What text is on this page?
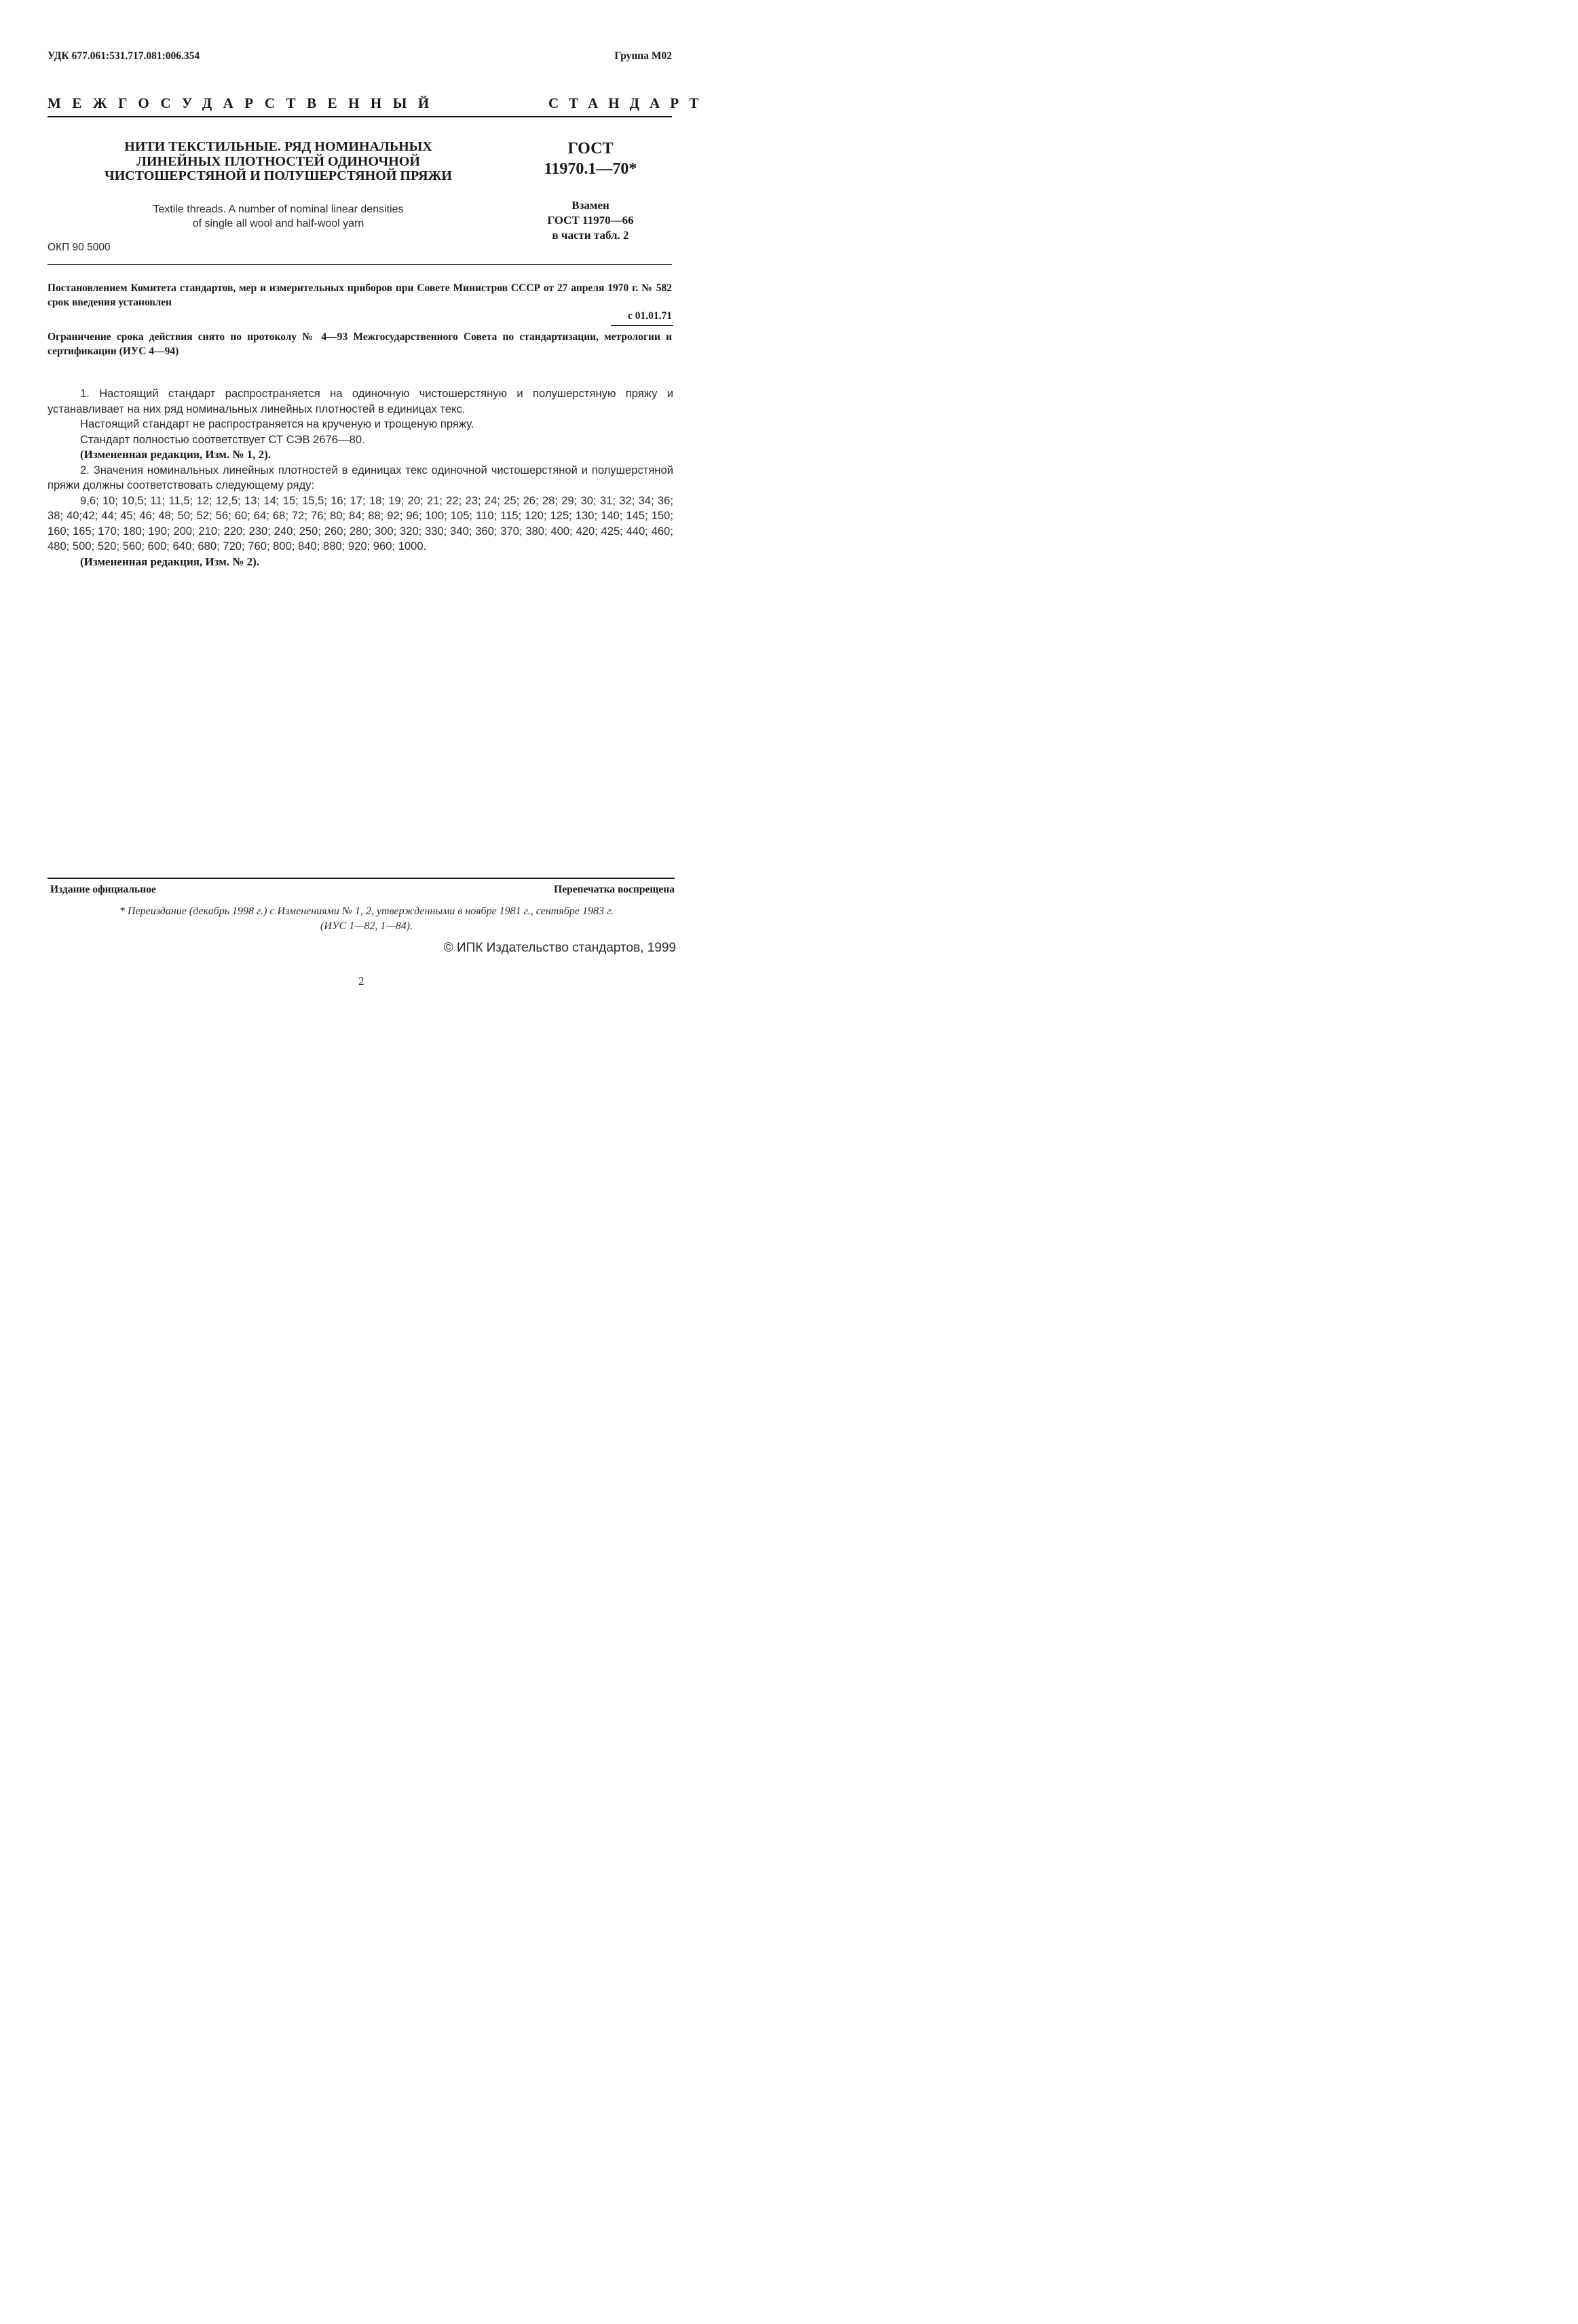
УДК 677.061:531.717.081:006.354	Группа М02
МЕЖГОСУДАРСТВЕННЫЙ	СТАНДАРТ
НИТИ ТЕКСТИЛЬНЫЕ. РЯД НОМИНАЛЬНЫХ
ЛИНЕЙНЫХ ПЛОТНОСТЕЙ ОДИНОЧНОЙ
ЧИСТОШЕРСТЯНОЙ И ПОЛУШЕРСТЯНОЙ ПРЯЖИ
Textile threads. A number of nominal linear densities
of single all wool and half-wool yarn
ОКП 90 5000
ГОСТ
11970.1—70*
Взамен
ГОСТ 11970—66
в части табл. 2
Постановлением Комитета стандартов, мер и измерительных приборов при Совете Министров СССР от 27 апреля 1970 г. № 582 срок введения установлен
с 01.01.71
Ограничение срока действия снято по протоколу № 4—93 Межгосударственного Совета по стандартизации, метрологии и сертификации (ИУС 4—94)

1. Настоящий стандарт распространяется на одиночную чистошерстяную и полушерстяную пряжу и устанавливает на них ряд номинальных линейных плотностей в единицах текс.

Настоящий стандарт не распространяется на крученую и трощеную пряжу.

Стандарт полностью соответствует СТ СЭВ 2676—80.

(Измененная редакция, Изм. № 1, 2).

2. Значения номинальных линейных плотностей в единицах текс одиночной чистошерстяной и полушерстяной пряжи должны соответствовать следующему ряду:

9,6; 10; 10,5; 11; 11,5; 12; 12,5; 13; 14; 15; 15,5; 16; 17; 18; 19; 20; 21; 22; 23; 24; 25; 26; 28; 29; 30; 31; 32; 34; 36; 38; 40;42; 44; 45; 46; 48; 50; 52; 56; 60; 64; 68; 72; 76; 80; 84; 88; 92; 96; 100; 105; 110; 115; 120; 125; 130; 140; 145; 150; 160; 165; 170; 180; 190; 200; 210; 220; 230; 240; 250; 260; 280; 300; 320; 330; 340; 360; 370; 380; 400; 420; 425; 440; 460; 480; 500; 520; 560; 600; 640; 680; 720; 760; 800; 840; 880; 920; 960; 1000.

(Измененная редакция, Изм. № 2).

Издание официальное	Перепечатка воспрещена
* Переиздание (декабрь 1998 г.) с Изменениями № 1, 2, утвержденными в ноябре 1981 г., сентябре 1983 г.
(ИУС 1—82, 1—84).
© ИПК Издательство стандартов, 1999
2
